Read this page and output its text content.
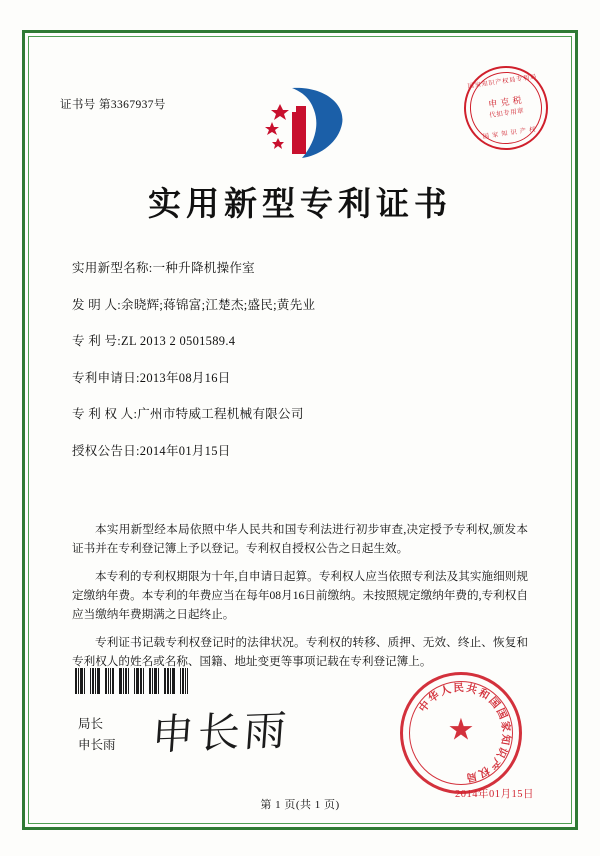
证书号 第3367937号
国家知识产权局专利局
申 克 税
代扣专用章
国 家 知 识 产 权
实用新型专利证书
实用新型名称: 一种升降机操作室
发 明 人: 余晓辉;蒋锦富;江楚杰;盛民;黄先业
专 利 号: ZL 2013 2 0501589.4
专利申请日: 2013年08月16日
专 利 权 人: 广州市特威工程机械有限公司
授权公告日: 2014年01月15日

本实用新型经本局依照中华人民共和国专利法进行初步审查,决定授予专利权,颁发本证书并在专利登记簿上予以登记。专利权自授权公告之日起生效。

本专利的专利权期限为十年,自申请日起算。专利权人应当依照专利法及其实施细则规定缴纳年费。本专利的年费应当在每年08月16日前缴纳。未按照规定缴纳年费的,专利权自应当缴纳年费期满之日起终止。

专利证书记载专利权登记时的法律状况。专利权的转移、质押、无效、终止、恢复和专利权人的姓名或名称、国籍、地址变更等事项记载在专利登记簿上。

局长
申长雨 申长雨	★
中华人民共和国国家知识产权局
2014年01月15日
第 1 页(共 1 页)
